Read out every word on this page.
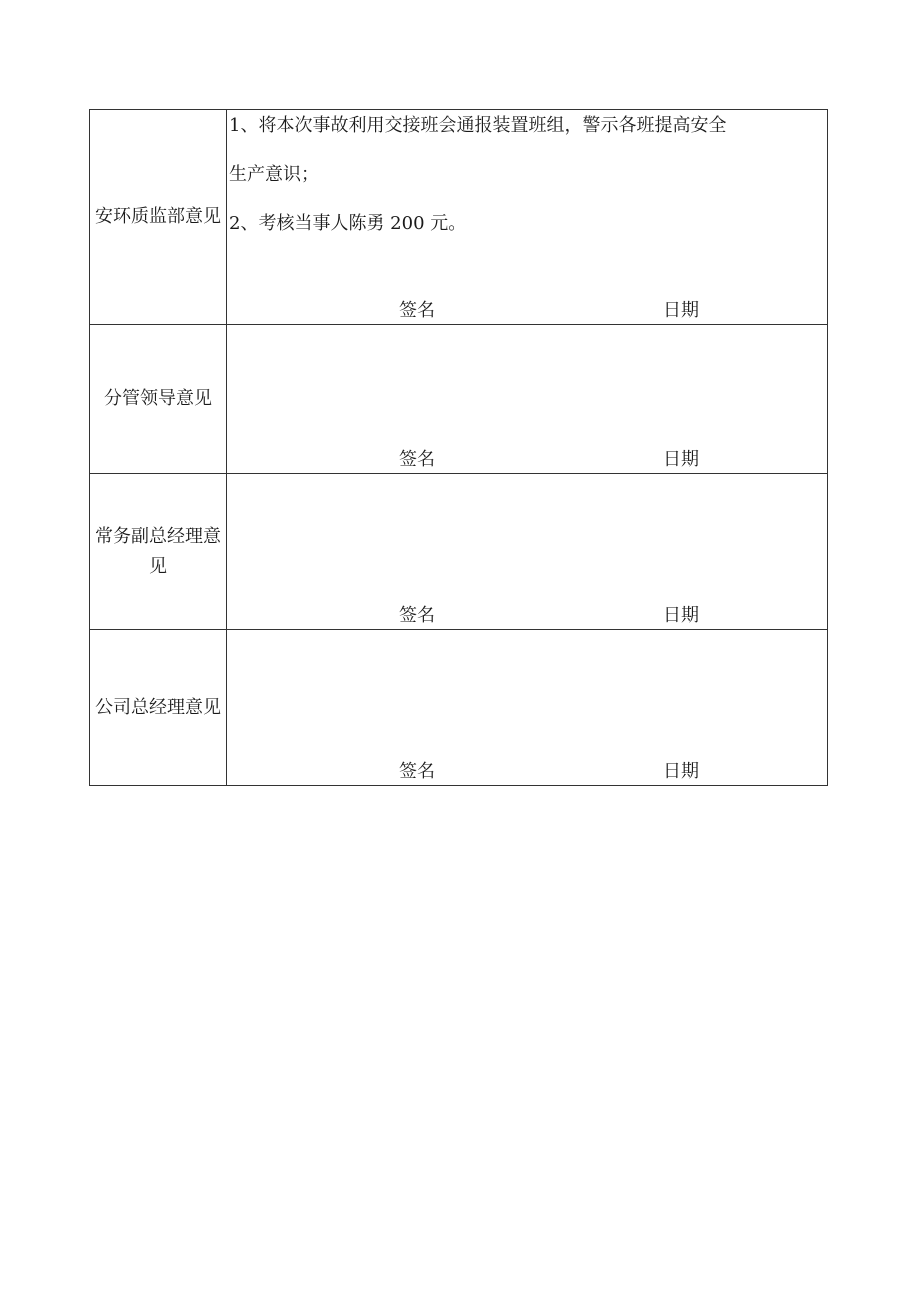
安环质监部意见	1、将本次事故利用交接班会通报装置班组，警示各班提高安全
生产意识；
2、考核当事人陈勇 200 元。
签名 日期

分管领导意见	签名 日期

常务副总经理意见	签名 日期

公司总经理意见	签名 日期
